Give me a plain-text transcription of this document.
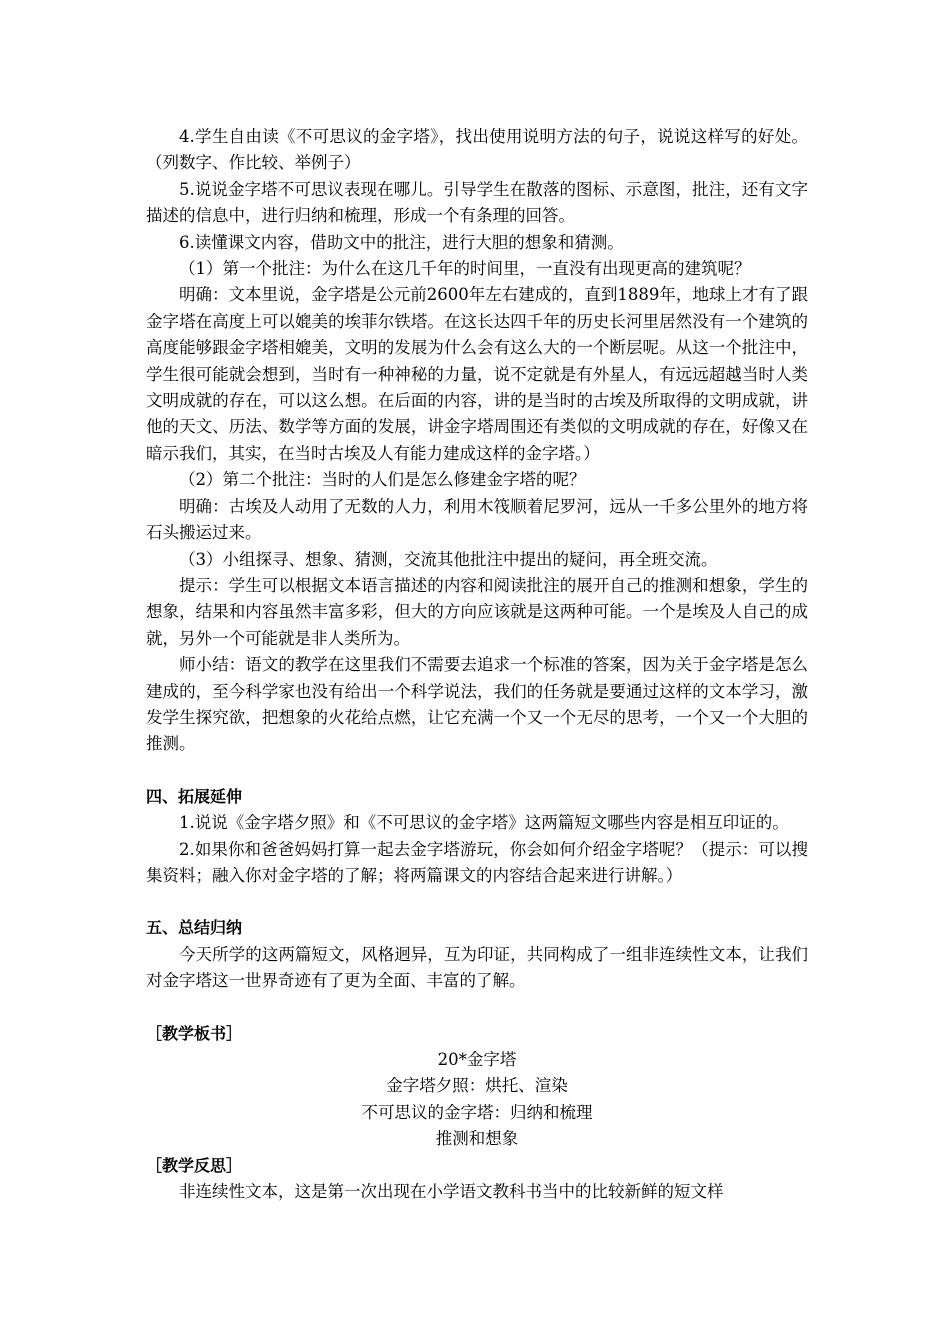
4.学生自由读《不可思议的金字塔》，找出使用说明方法的句子，说说这样写的好处。（列数字、作比较、举例子）

5.说说金字塔不可思议表现在哪儿。引导学生在散落的图标、示意图，批注，还有文字描述的信息中，进行归纳和梳理，形成一个有条理的回答。

6.读懂课文内容，借助文中的批注，进行大胆的想象和猜测。

（1）第一个批注：为什么在这几千年的时间里，一直没有出现更高的建筑呢？

明确：文本里说，金字塔是公元前2600年左右建成的，直到1889年，地球上才有了跟金字塔在高度上可以媲美的埃菲尔铁塔。在这长达四千年的历史长河里居然没有一个建筑的高度能够跟金字塔相媲美，文明的发展为什么会有这么大的一个断层呢。从这一个批注中，学生很可能就会想到，当时有一种神秘的力量，说不定就是有外星人，有远远超越当时人类文明成就的存在，可以这么想。在后面的内容，讲的是当时的古埃及所取得的文明成就，讲他的天文、历法、数学等方面的发展，讲金字塔周围还有类似的文明成就的存在，好像又在暗示我们，其实，在当时古埃及人有能力建成这样的金字塔。）

（2）第二个批注：当时的人们是怎么修建金字塔的呢？

明确：古埃及人动用了无数的人力，利用木筏顺着尼罗河，远从一千多公里外的地方将石头搬运过来。

（3）小组探寻、想象、猜测，交流其他批注中提出的疑问，再全班交流。

提示：学生可以根据文本语言描述的内容和阅读批注的展开自己的推测和想象，学生的想象，结果和内容虽然丰富多彩，但大的方向应该就是这两种可能。一个是埃及人自己的成就，另外一个可能就是非人类所为。

师小结：语文的教学在这里我们不需要去追求一个标准的答案，因为关于金字塔是怎么建成的，至今科学家也没有给出一个科学说法，我们的任务就是要通过这样的文本学习，激发学生探究欲，把想象的火花给点燃，让它充满一个又一个无尽的思考，一个又一个大胆的推测。

四、拓展延伸

1.说说《金字塔夕照》和《不可思议的金字塔》这两篇短文哪些内容是相互印证的。

2.如果你和爸爸妈妈打算一起去金字塔游玩，你会如何介绍金字塔呢？（提示：可以搜集资料；融入你对金字塔的了解；将两篇课文的内容结合起来进行讲解。）

五、总结归纳

今天所学的这两篇短文，风格迥异，互为印证，共同构成了一组非连续性文本，让我们对金字塔这一世界奇迹有了更为全面、丰富的了解。

［教学板书］

20*金字塔

金字塔夕照：烘托、渲染

不可思议的金字塔：归纳和梳理

推测和想象

［教学反思］

非连续性文本，这是第一次出现在小学语文教科书当中的比较新鲜的短文样
